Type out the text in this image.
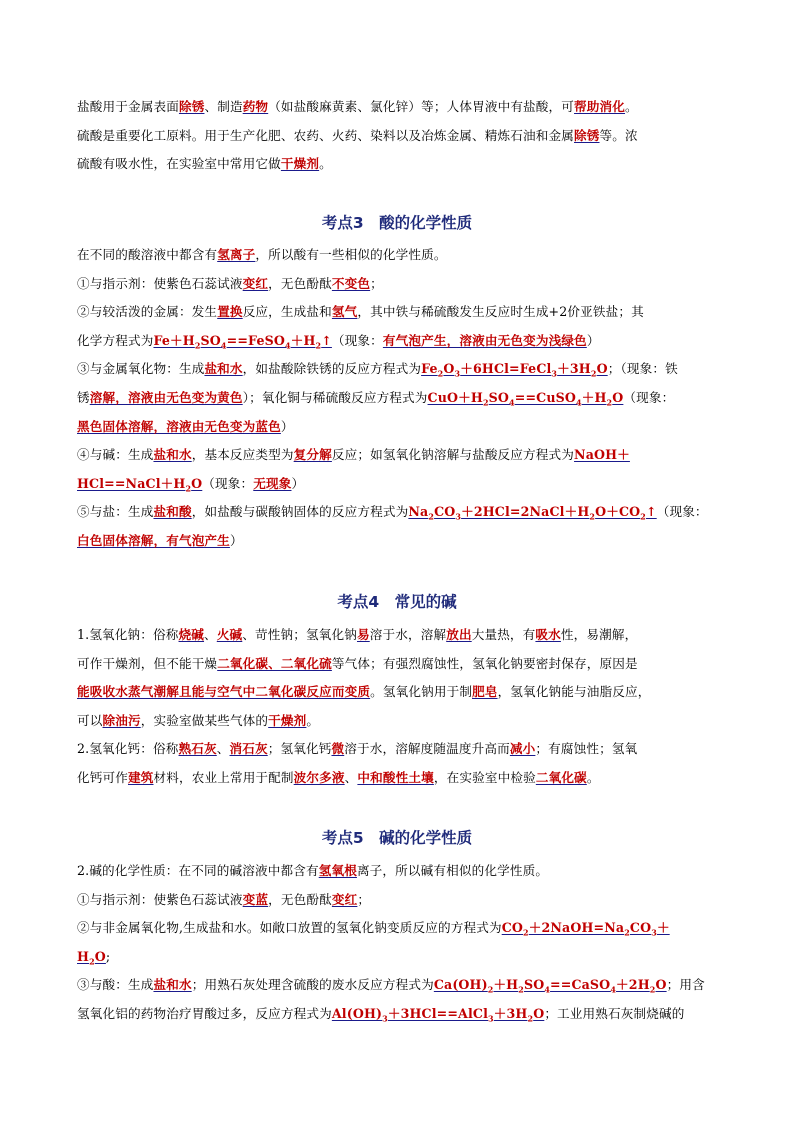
盐酸用于金属表面除锈、制造药物（如盐酸麻黄素、氯化锌）等；人体胃液中有盐酸，可帮助消化。
硫酸是重要化工原料。用于生产化肥、农药、火药、染料以及冶炼金属、精炼石油和金属除锈等。浓
硫酸有吸水性，在实验室中常用它做干燥剂。
考点3　酸的化学性质
在不同的酸溶液中都含有氢离子，所以酸有一些相似的化学性质。
①与指示剂：使紫色石蕊试液变红，无色酚酞不变色；
②与较活泼的金属：发生置换反应，生成盐和氢气，其中铁与稀硫酸发生反应时生成+2价亚铁盐；其
化学方程式为$Fe+H_2SO_4==FeSO_4+H_2↑$（现象：有气泡产生，溶液由无色变为浅绿色）
③与金属氧化物：生成盐和水，如盐酸除铁锈的反应方程式为$Fe_2O_3+6HCl=FeCl_3+3H_2O$；（现象：铁
锈溶解，溶液由无色变为黄色）；氧化铜与稀硫酸反应方程式为$CuO+H_2SO_4==CuSO_4+H_2O$（现象：
黑色固体溶解，溶液由无色变为蓝色）
④与碱：生成盐和水，基本反应类型为复分解反应；如氢氧化钠溶解与盐酸反应方程式为NaOH＋
$HCl==NaCl+H_2O$（现象：无现象）
⑤与盐：生成盐和酸，如盐酸与碳酸钠固体的反应方程式为$Na_2CO_3+2HCl=2NaCl+H_2O+CO_2↑$（现象：
白色固体溶解，有气泡产生）
考点4　常见的碱
1.氢氧化钠：俗称烧碱、火碱、苛性钠；氢氧化钠易溶于水，溶解放出大量热，有吸水性，易潮解，
可作干燥剂，但不能干燥二氧化碳、二氧化硫等气体；有强烈腐蚀性，氢氧化钠要密封保存，原因是
能吸收水蒸气潮解且能与空气中二氧化碳反应而变质。氢氧化钠用于制肥皂，氢氧化钠能与油脂反应，
可以除油污，实验室做某些气体的干燥剂。
2.氢氧化钙：俗称熟石灰、消石灰；氢氧化钙微溶于水，溶解度随温度升高而减小；有腐蚀性；氢氧
化钙可作建筑材料，农业上常用于配制波尔多液、中和酸性土壤，在实验室中检验二氧化碳。
考点5　碱的化学性质
2.碱的化学性质：在不同的碱溶液中都含有氢氧根离子，所以碱有相似的化学性质。
①与指示剂：使紫色石蕊试液变蓝，无色酚酞变红；
②与非金属氧化物,生成盐和水。如敞口放置的氢氧化钠变质反应的方程式为$CO_2+2NaOH=Na_2CO_3+$
$H_2O$;
③与酸：生成盐和水；用熟石灰处理含硫酸的废水反应方程式为$Ca(OH)_2+H_2SO_4==CaSO_4+2H_2O$；用含
氢氧化铝的药物治疗胃酸过多，反应方程式为$Al(OH)_3+3HCl==AlCl_3+3H_2O$；工业用熟石灰制烧碱的
